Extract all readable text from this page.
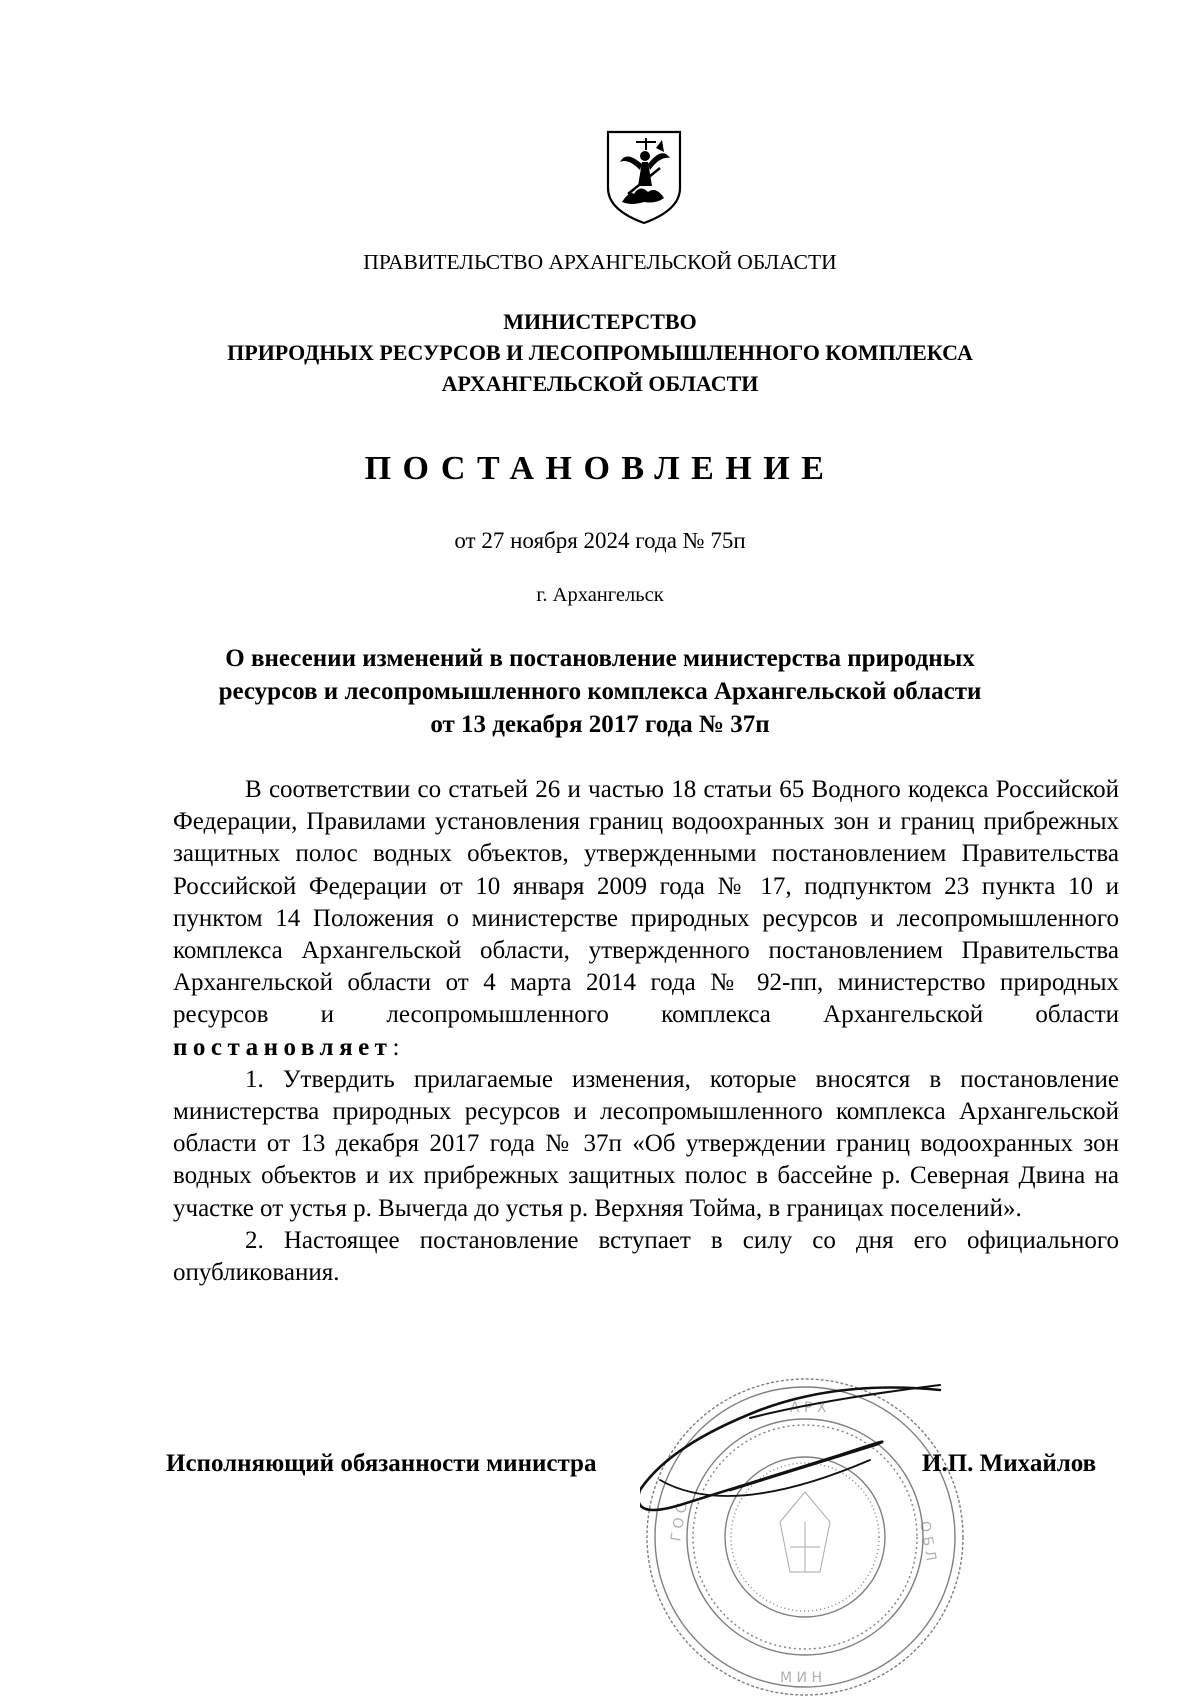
ПРАВИТЕЛЬСТВО АРХАНГЕЛЬСКОЙ ОБЛАСТИ
МИНИСТЕРСТВО
ПРИРОДНЫХ РЕСУРСОВ И ЛЕСОПРОМЫШЛЕННОГО КОМПЛЕКСА
АРХАНГЕЛЬСКОЙ ОБЛАСТИ
ПОСТАНОВЛЕНИЕ
от 27 ноября 2024 года № 75п
г. Архангельск
О внесении изменений в постановление министерства природных
ресурсов и лесопромышленного комплекса Архангельской области
от 13 декабря 2017 года № 37п

В соответствии со статьей 26 и частью 18 статьи 65 Водного кодекса Российской Федерации, Правилами установления границ водоохранных зон и границ прибрежных защитных полос водных объектов, утвержденными постановлением Правительства Российской Федерации от 10 января 2009 года № 17, подпунктом 23 пункта 10 и пунктом 14 Положения о министерстве природных ресурсов и лесопромышленного комплекса Архангельской области, утвержденного постановлением Правительства Архангельской области от 4 марта 2014 года № 92-пп, министерство природных ресурсов и лесопромышленного комплекса Архангельской области

постановляет:

1. Утвердить прилагаемые изменения, которые вносятся в постановление министерства природных ресурсов и лесопромышленного комплекса Архангельской области от 13 декабря 2017 года № 37п «Об утверждении границ водоохранных зон водных объектов и их прибрежных защитных полос в бассейне р. Северная Двина на участке от устья р. Вычегда до устья р. Верхняя Тойма, в границах поселений».

2. Настоящее постановление вступает в силу со дня его официального опубликования.

А Р Х
Г О С	О Б Л
М И Н
Исполняющий обязанности министра	И.П. Михайлов
